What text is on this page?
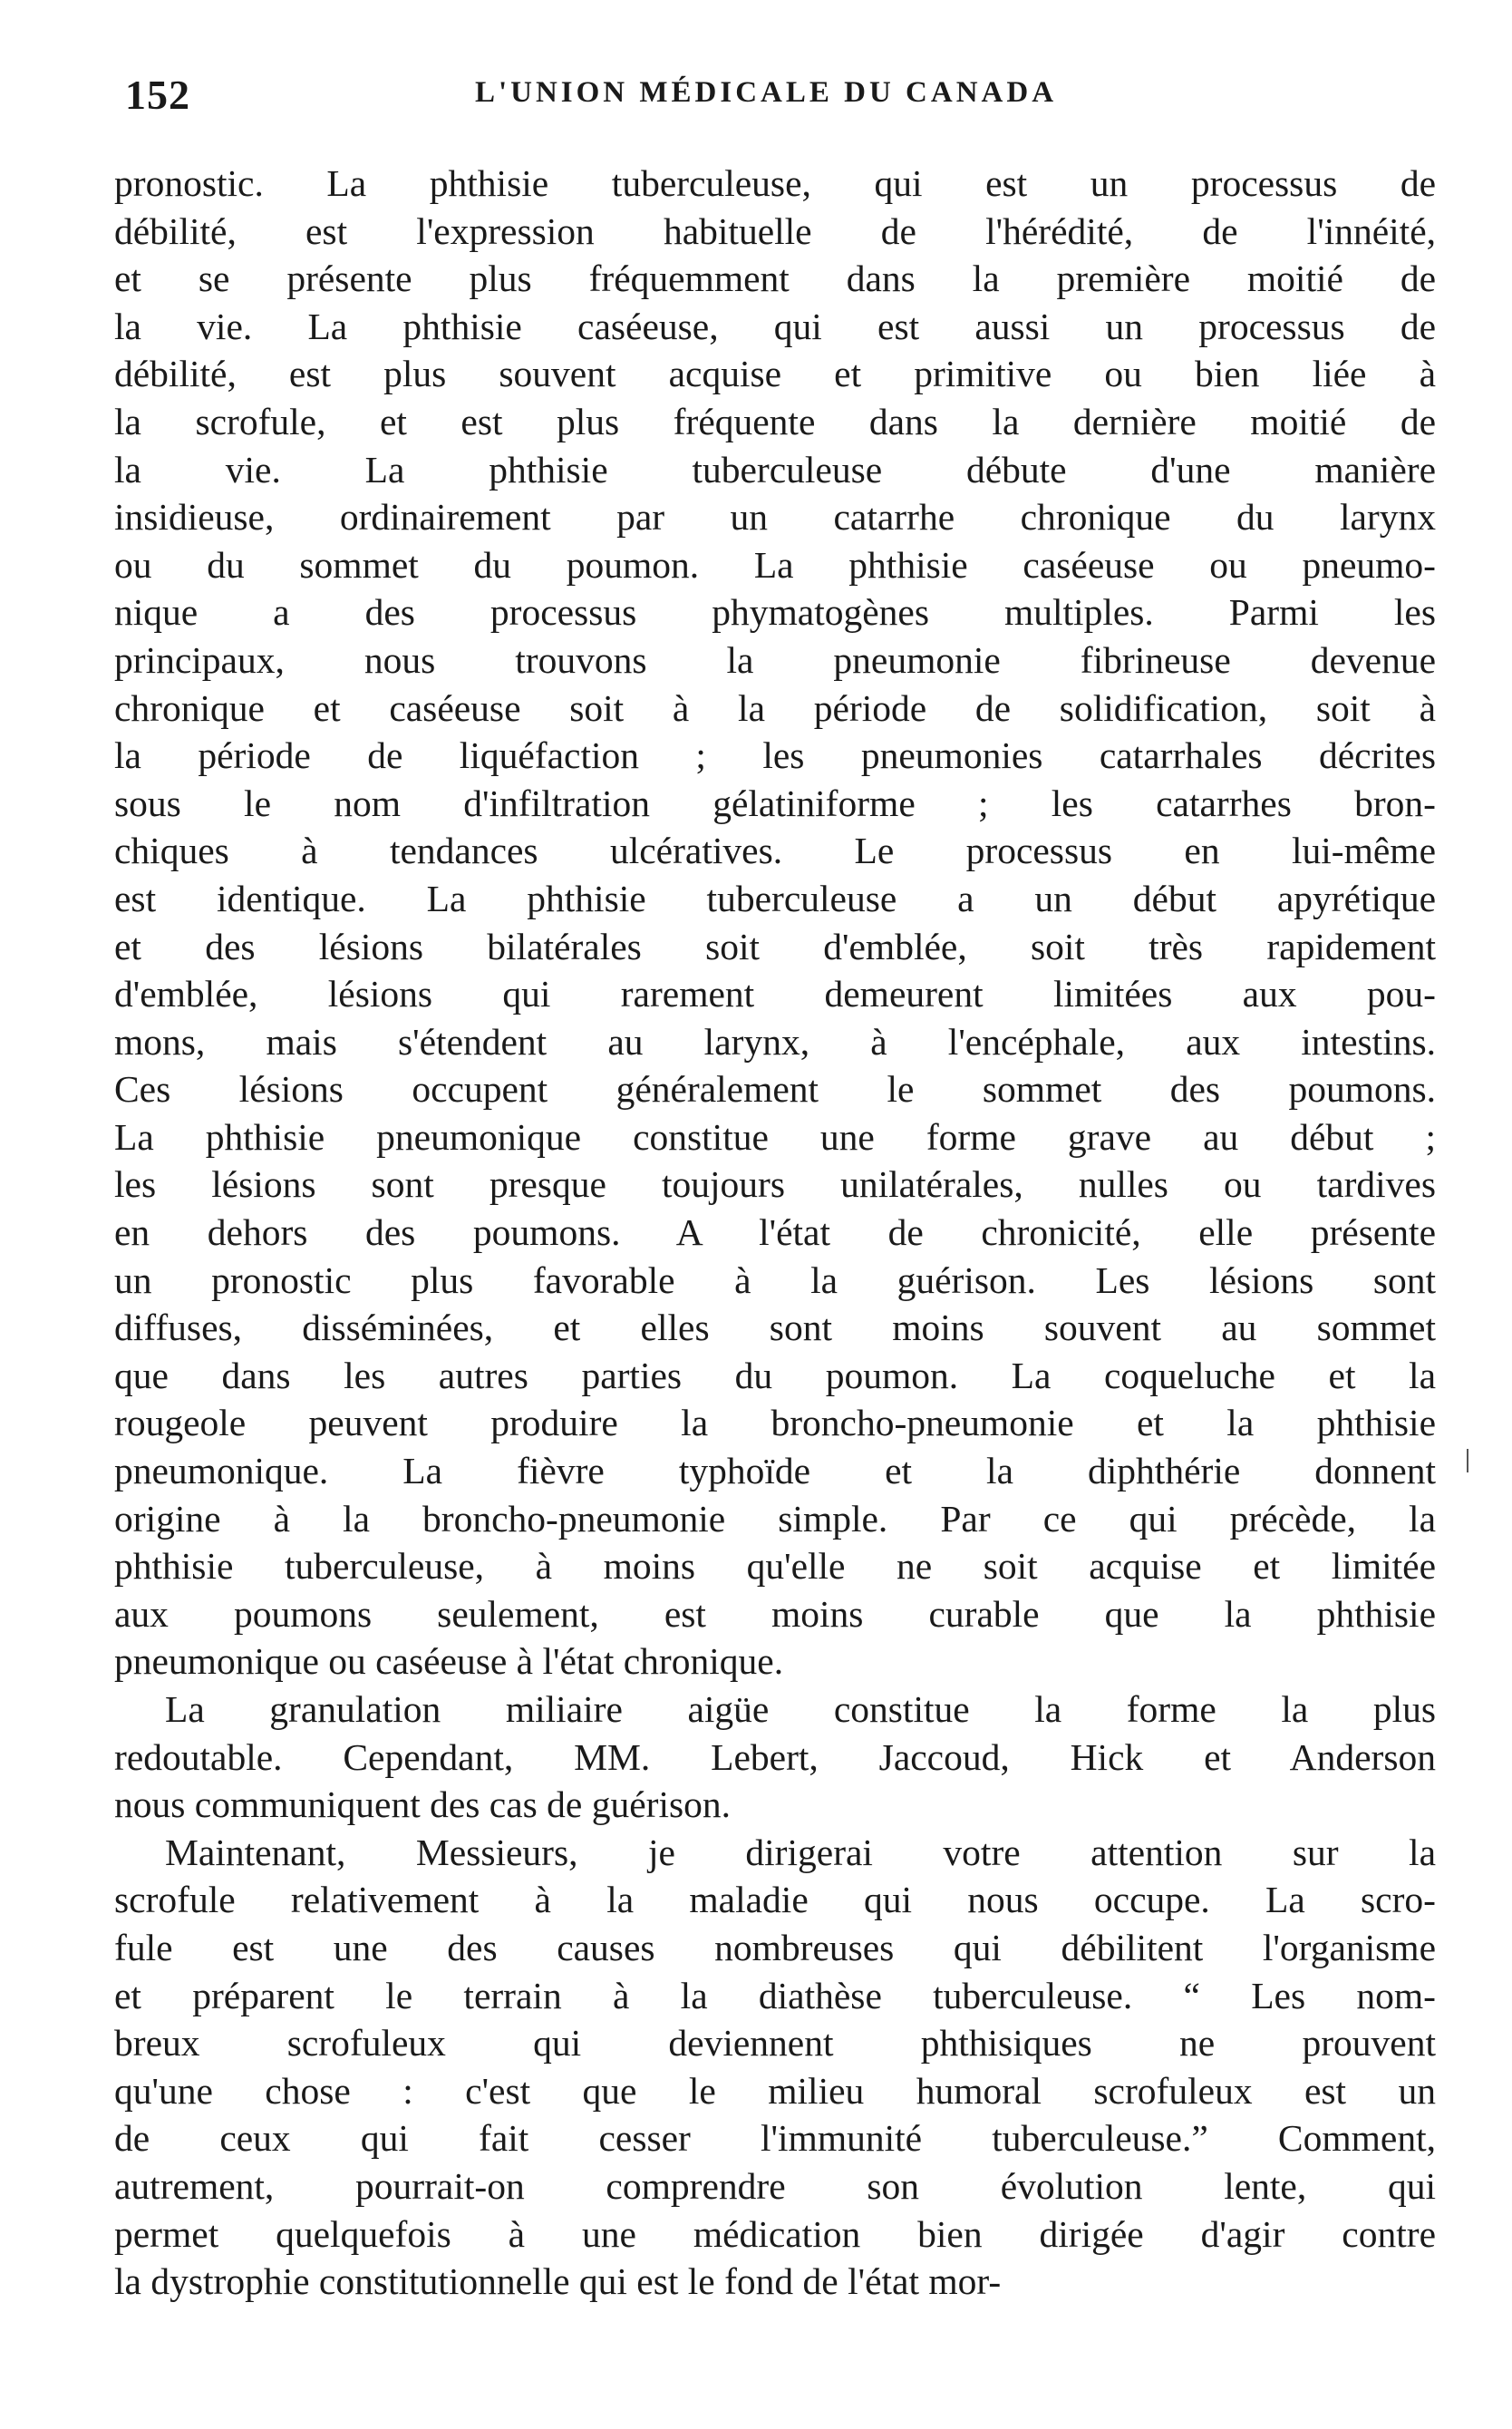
152	L'UNION MÉDICALE DU CANADA

pronostic. La phthisie tuberculeuse, qui est un processus de
débilité, est l'expression habituelle de l'hérédité, de l'innéité,
et se présente plus fréquemment dans la première moitié de
la vie. La phthisie caséeuse, qui est aussi un processus de
débilité, est plus souvent acquise et primitive ou bien liée à
la scrofule, et est plus fréquente dans la dernière moitié de
la vie. La phthisie tuberculeuse débute d'une manière
insidieuse, ordinairement par un catarrhe chronique du larynx
ou du sommet du poumon. La phthisie caséeuse ou pneumo-
nique a des processus phymatogènes multiples. Parmi les
principaux, nous trouvons la pneumonie fibrineuse devenue
chronique et caséeuse soit à la période de solidification, soit à
la période de liquéfaction ; les pneumonies catarrhales décrites
sous le nom d'infiltration gélatiniforme ; les catarrhes bron-
chiques à tendances ulcératives. Le processus en lui-même
est identique. La phthisie tuberculeuse a un début apyrétique
et des lésions bilatérales soit d'emblée, soit très rapidement
d'emblée, lésions qui rarement demeurent limitées aux pou-
mons, mais s'étendent au larynx, à l'encéphale, aux intestins.
Ces lésions occupent généralement le sommet des poumons.
La phthisie pneumonique constitue une forme grave au début ;
les lésions sont presque toujours unilatérales, nulles ou tardives
en dehors des poumons. A l'état de chronicité, elle présente
un pronostic plus favorable à la guérison. Les lésions sont
diffuses, disséminées, et elles sont moins souvent au sommet
que dans les autres parties du poumon. La coqueluche et la
rougeole peuvent produire la broncho-pneumonie et la phthisie
pneumonique. La fièvre typhoïde et la diphthérie donnent
origine à la broncho-pneumonie simple. Par ce qui précède, la
phthisie tuberculeuse, à moins qu'elle ne soit acquise et limitée
aux poumons seulement, est moins curable que la phthisie
pneumonique ou caséeuse à l'état chronique.

La granulation miliaire aigüe constitue la forme la plus
redoutable. Cependant, MM. Lebert, Jaccoud, Hick et Anderson
nous communiquent des cas de guérison.

Maintenant, Messieurs, je dirigerai votre attention sur la
scrofule relativement à la maladie qui nous occupe. La scro-
fule est une des causes nombreuses qui débilitent l'organisme
et préparent le terrain à la diathèse tuberculeuse. “ Les nom-
breux scrofuleux qui deviennent phthisiques ne prouvent
qu'une chose : c'est que le milieu humoral scrofuleux est un
de ceux qui fait cesser l'immunité tuberculeuse.” Comment,
autrement, pourrait-on comprendre son évolution lente, qui
permet quelquefois à une médication bien dirigée d'agir contre
la dystrophie constitutionnelle qui est le fond de l'état mor-
